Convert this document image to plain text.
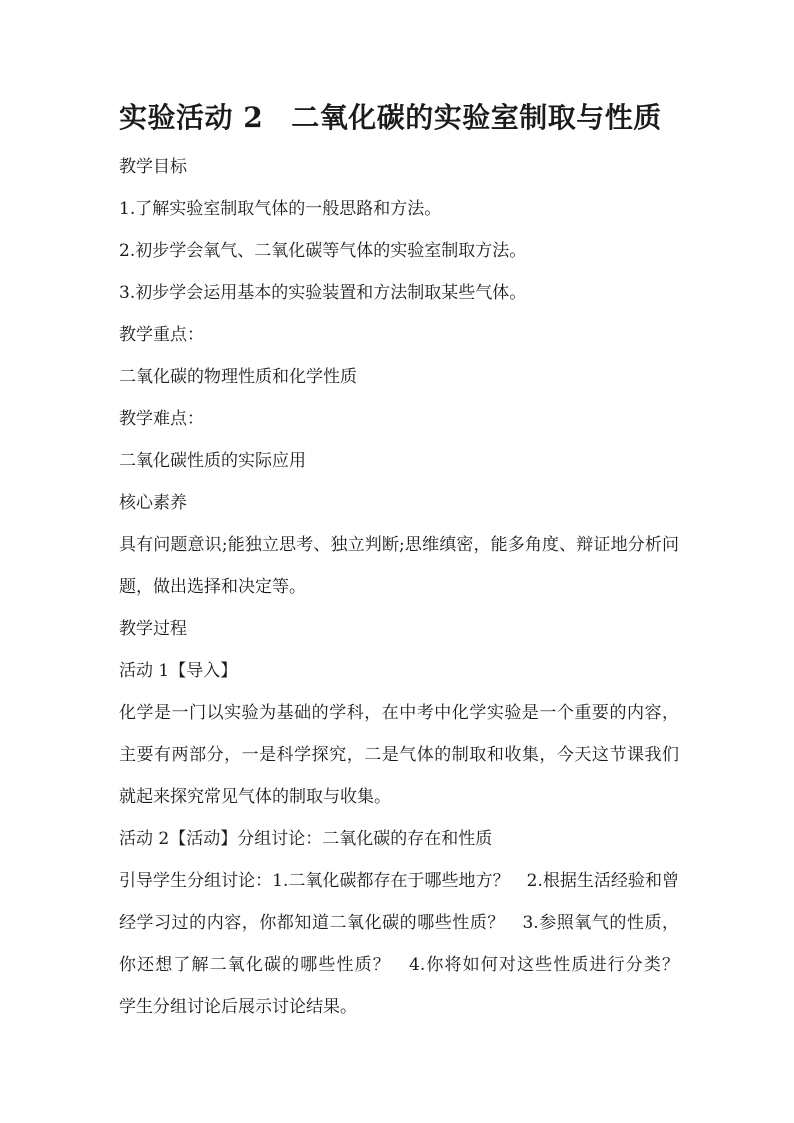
实验活动 2 二氧化碳的实验室制取与性质

教学目标

1.了解实验室制取气体的一般思路和方法。

2.初步学会氧气、二氧化碳等气体的实验室制取方法。

3.初步学会运用基本的实验装置和方法制取某些气体。

教学重点：

二氧化碳的物理性质和化学性质

教学难点：

二氧化碳性质的实际应用

核心素养

具有问题意识;能独立思考、独立判断;思维缜密，能多角度、辩证地分析问题，做出选择和决定等。

教学过程

活动 1【导入】

化学是一门以实验为基础的学科，在中考中化学实验是一个重要的内容，主要有两部分，一是科学探究，二是气体的制取和收集，今天这节课我们就起来探究常见气体的制取与收集。

活动 2【活动】分组讨论：二氧化碳的存在和性质

引导学生分组讨论：1.二氧化碳都存在于哪些地方？　2.根据生活经验和曾经学习过的内容，你都知道二氧化碳的哪些性质？　3.参照氧气的性质，你还想了解二氧化碳的哪些性质？　4.你将如何对这些性质进行分类？　学生分组讨论后展示讨论结果。
